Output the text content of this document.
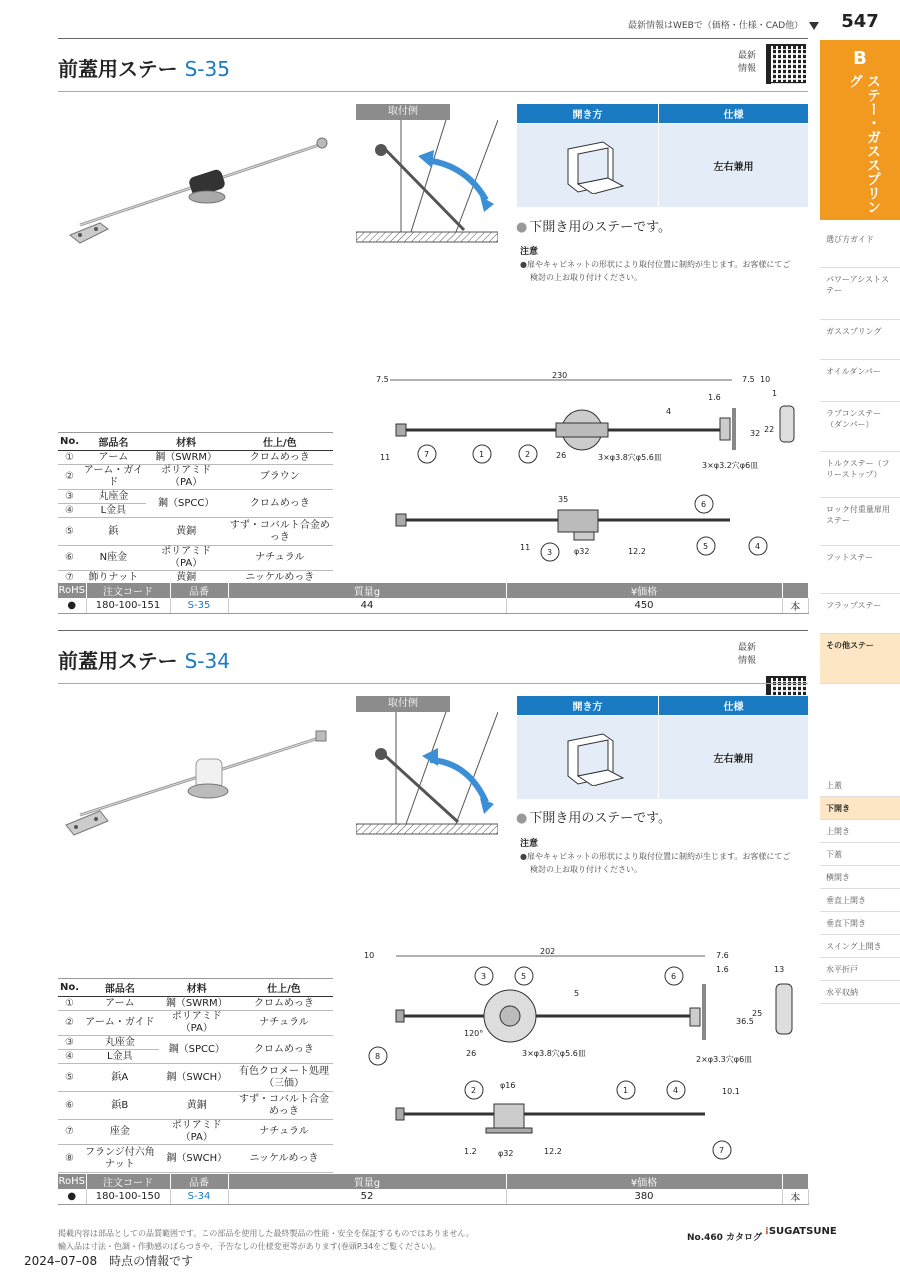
最新情報はWEBで（価格・仕様・CAD他）	547
B
ステー・ガススプリング
選び方ガイド
パワーアシストステー
ガススプリング
オイルダンパー
ラプコンステー（ダンパー）
トルクステー（フリーストップ）
ロック付重量扉用ステー
フットステー
フラップステー
その他ステー
上蓋
下開き
上開き
下蓋
横開き
垂直上開き
垂直下開き
スイング上開き
水平折戸
水平収納
前蓋用ステー S-35
最新
情報
取付例	開き方	仕様
	左右兼用
● 下開き用のステーです。
注意
●扉やキャビネットの形状により取付位置に制約が生じます。お客様にてご
検討の上お取り付けください。
No.	部品名	材料	仕上/色
①	アーム	鋼（SWRM）	クロムめっき
②	アーム・ガイド	ポリアミド（PA）	ブラウン
③	丸座金	鋼（SPCC）	クロムめっき
④	L金具		
⑤	鋲	黄銅	すず・コバルト合金めっき
⑥	N座金	ポリアミド（PA）	ナチュラル
⑦	飾りナット	黄銅	ニッケルめっき
7.5	230	7.5 10
1.6	1
4
32 22
11	26	3×φ3.8穴φ5.6皿
3×φ3.2穴φ6皿
7	1	2
35
11	φ32	12.2
3
6
5	4
RoHS	注文コード	品番	質量g	¥価格	
●	180-100-151	S-35	44	450	本
前蓋用ステー S-34
最新
情報
取付例	開き方	仕様
	左右兼用
● 下開き用のステーです。
注意
●扉やキャビネットの形状により取付位置に制約が生じます。お客様にてご
検討の上お取り付けください。
No.	部品名	材料	仕上/色
①	アーム	鋼（SWRM）	クロムめっき
②	アーム・ガイド	ポリアミド（PA）	ナチュラル
③	丸座金	鋼（SPCC）	クロムめっき
④	L金具		
⑤	鋲A	鋼（SWCH）	有色クロメート処理（三価）
⑥	鋲B	黄銅	すず・コバルト合金めっき
⑦	座金	ポリアミド（PA）	ナチュラル
⑧	フランジ付六角ナット	鋼（SWCH）	ニッケルめっき
10	202	7.6
1.6	13
5
36.5
25
120°
26	3×φ3.8穴φ5.6皿
2×φ3.3穴φ6皿
3	5	6
8
2
φ16
1	4	10.1
1.2	φ32	12.2	7
RoHS	注文コード	品番	質量g	¥価格	
●	180-100-150	S-34	52	380	本
掲載内容は部品としての品質範囲です。この部品を使用した最終製品の性能・安全を保証するものではありません。
輸入品は寸法・色調・作動感のばらつきや、予告なしの仕様変更等があります(巻頭P.34をご覧ください)。
No.460 カタログ
⁞SUGATSUNE
2024–07–08　時点の情報です
